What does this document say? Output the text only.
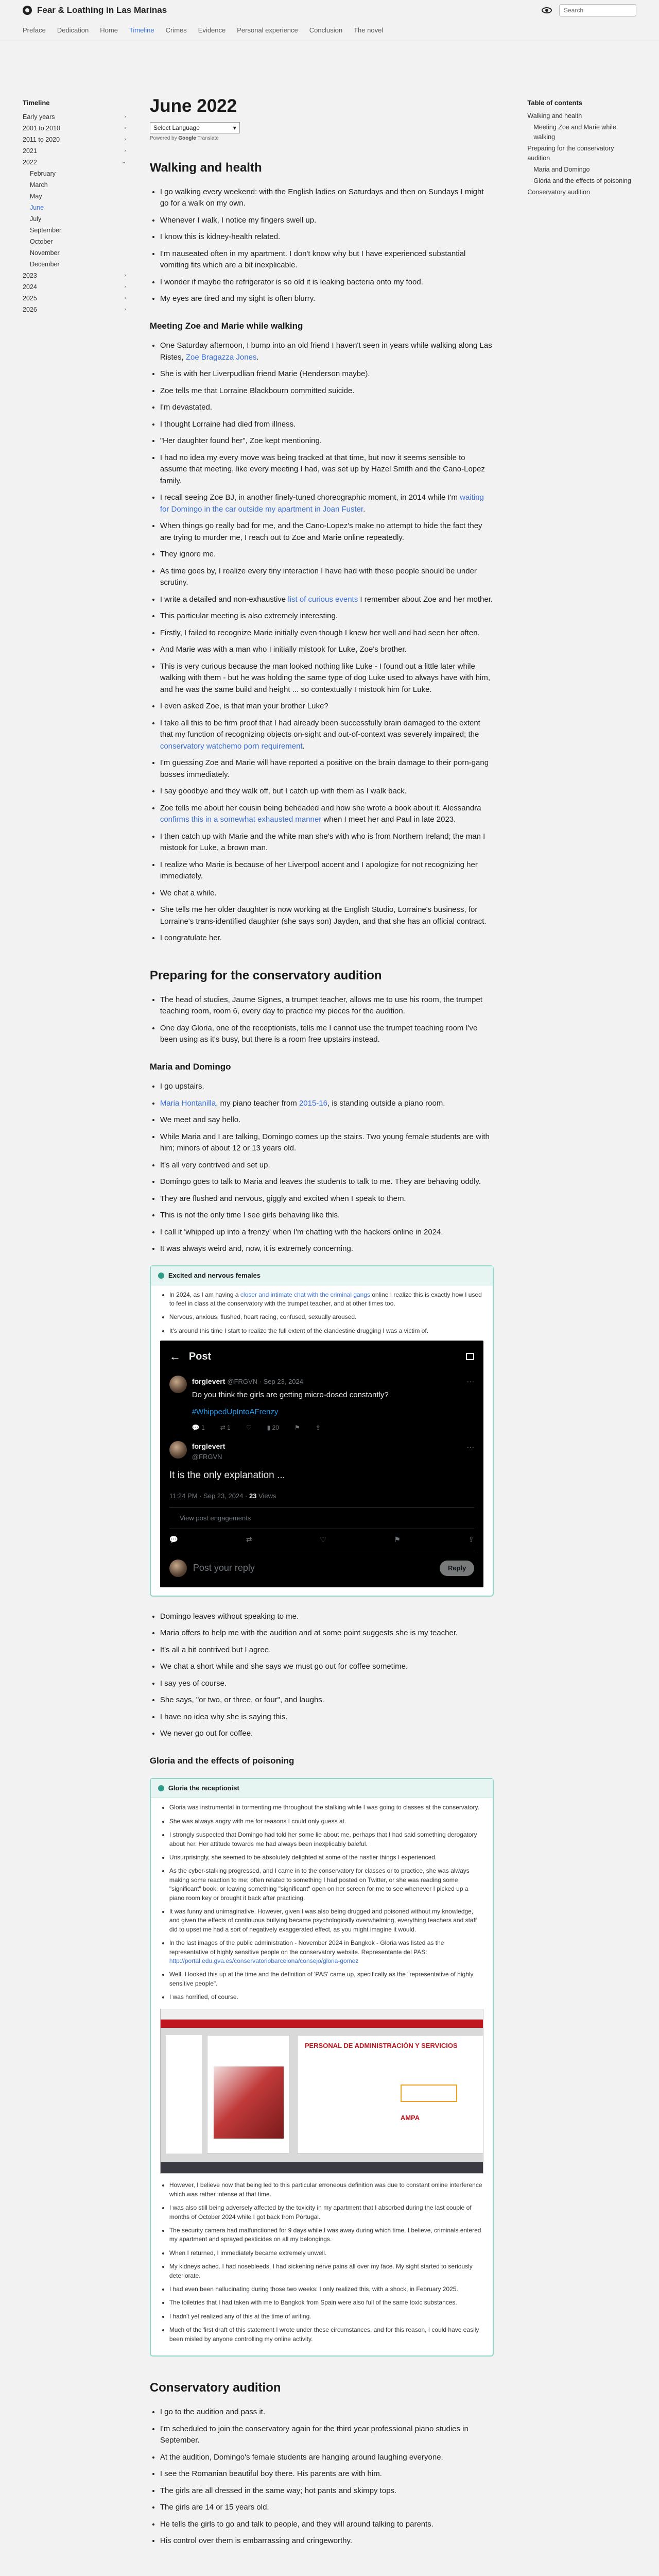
Fear & Loathing in Las Marinas
Search
Preface Dedication Home Timeline Crimes Evidence Personal experience Conclusion The novel
Timeline
Early years	›
2001 to 2010	›
2011 to 2020	›
2021	›
2022	⌄
February
March
May
June
July
September
October
November
December
2023	›
2024	›
2025	›
2026	›
June 2022
Select Language	▾
Powered by Google Translate
Walking and health
• I go walking every weekend: with the English ladies on Saturdays and then on Sundays I might go for a walk on my own.
• Whenever I walk, I notice my fingers swell up.
• I know this is kidney-health related.
• I'm nauseated often in my apartment. I don't know why but I have experienced substantial vomiting fits which are a bit inexplicable.
• I wonder if maybe the refrigerator is so old it is leaking bacteria onto my food.
• My eyes are tired and my sight is often blurry.
Meeting Zoe and Marie while walking
• One Saturday afternoon, I bump into an old friend I haven't seen in years while walking along Las Ristes, Zoe Bragazza Jones.
• She is with her Liverpudlian friend Marie (Henderson maybe).
• Zoe tells me that Lorraine Blackbourn committed suicide.
• I'm devastated.
• I thought Lorraine had died from illness.
• "Her daughter found her", Zoe kept mentioning.
• I had no idea my every move was being tracked at that time, but now it seems sensible to assume that meeting, like every meeting I had, was set up by Hazel Smith and the Cano-Lopez family.
• I recall seeing Zoe BJ, in another finely-tuned choreographic moment, in 2014 while I'm waiting for Domingo in the car outside my apartment in Joan Fuster.
• When things go really bad for me, and the Cano-Lopez's make no attempt to hide the fact they are trying to murder me, I reach out to Zoe and Marie online repeatedly.
• They ignore me.
• As time goes by, I realize every tiny interaction I have had with these people should be under scrutiny.
• I write a detailed and non-exhaustive list of curious events I remember about Zoe and her mother.
• This particular meeting is also extremely interesting.
• Firstly, I failed to recognize Marie initially even though I knew her well and had seen her often.
• And Marie was with a man who I initially mistook for Luke, Zoe's brother.
• This is very curious because the man looked nothing like Luke - I found out a little later while walking with them - but he was holding the same type of dog Luke used to always have with him, and he was the same build and height ... so contextually I mistook him for Luke.
• I even asked Zoe, is that man your brother Luke?
• I take all this to be firm proof that I had already been successfully brain damaged to the extent that my function of recognizing objects on-sight and out-of-context was severely impaired; the conservatory watchemo porn requirement.
• I'm guessing Zoe and Marie will have reported a positive on the brain damage to their porn-gang bosses immediately.
• I say goodbye and they walk off, but I catch up with them as I walk back.
• Zoe tells me about her cousin being beheaded and how she wrote a book about it. Alessandra confirms this in a somewhat exhausted manner when I meet her and Paul in late 2023.
• I then catch up with Marie and the white man she's with who is from Northern Ireland; the man I mistook for Luke, a brown man.
• I realize who Marie is because of her Liverpool accent and I apologize for not recognizing her immediately.
• We chat a while.
• She tells me her older daughter is now working at the English Studio, Lorraine's business, for Lorraine's trans-identified daughter (she says son) Jayden, and that she has an official contract.
• I congratulate her.
Preparing for the conservatory audition
• The head of studies, Jaume Signes, a trumpet teacher, allows me to use his room, the trumpet teaching room, room 6, every day to practice my pieces for the audition.
• One day Gloria, one of the receptionists, tells me I cannot use the trumpet teaching room I've been using as it's busy, but there is a room free upstairs instead.
Maria and Domingo
• I go upstairs.
• Maria Hontanilla, my piano teacher from 2015-16, is standing outside a piano room.
• We meet and say hello.
• While Maria and I are talking, Domingo comes up the stairs. Two young female students are with him; minors of about 12 or 13 years old.
• It's all very contrived and set up.
• Domingo goes to talk to Maria and leaves the students to talk to me. They are behaving oddly.
• They are flushed and nervous, giggly and excited when I speak to them.
• This is not the only time I see girls behaving like this.
• I call it 'whipped up into a frenzy' when I'm chatting with the hackers online in 2024.
• It was always weird and, now, it is extremely concerning.
Excited and nervous females
• In 2024, as I am having a closer and intimate chat with the criminal gangs online I realize this is exactly how I used to feel in class at the conservatory with the trumpet teacher, and at other times too.
• Nervous, anxious, flushed, heart racing, confused, sexually aroused.
• It's around this time I start to realize the full extent of the clandestine drugging I was a victim of.
← Post
forglevert @FRGVN · Sep 23, 2024	···
Do you think the girls are getting micro-dosed constantly?
#WhippedUpIntoAFrenzy
💬 1	⇄ 1	♡	▮ 20	⚑	⇪
forglevert
@FRGVN
···
It is the only explanation ...
11:24 PM · Sep 23, 2024 · 23 Views
View post engagements
💬	⇄	♡	⚑	⇪
Post your reply	Reply
• Domingo leaves without speaking to me.
• Maria offers to help me with the audition and at some point suggests she is my teacher.
• It's all a bit contrived but I agree.
• We chat a short while and she says we must go out for coffee sometime.
• I say yes of course.
• She says, "or two, or three, or four", and laughs.
• I have no idea why she is saying this.
• We never go out for coffee.
Gloria and the effects of poisoning
Gloria the receptionist
• Gloria was instrumental in tormenting me throughout the stalking while I was going to classes at the conservatory.
• She was always angry with me for reasons I could only guess at.
• I strongly suspected that Domingo had told her some lie about me, perhaps that I had said something derogatory about her. Her attitude towards me had always been inexplicably baleful.
• Unsurprisingly, she seemed to be absolutely delighted at some of the nastier things I experienced.
• As the cyber-stalking progressed, and I came in to the conservatory for classes or to practice, she was always making some reaction to me; often related to something I had posted on Twitter, or she was reading some "significant" book, or leaving something "significant" open on her screen for me to see whenever I picked up a piano room key or brought it back after practicing.
• It was funny and unimaginative. However, given I was also being drugged and poisoned without my knowledge, and given the effects of continuous bullying became psychologically overwhelming, everything teachers and staff did to upset me had a sort of negatively exaggerated effect, as you might imagine it would.
• In the last images of the public administration - November 2024 in Bangkok - Gloria was listed as the representative of highly sensitive people on the conservatory website. Representante del PAS: http://portal.edu.gva.es/conservatoriobarcelona/consejo/gloria-gomez
• Well, I looked this up at the time and the definition of 'PAS' came up, specifically as the "representative of highly sensitive people".
• I was horrified, of course.
PERSONAL DE ADMINISTRACIÓN Y SERVICIOS
AMPA
• However, I believe now that being led to this particular erroneous definition was due to constant online interference which was rather intense at that time.
• I was also still being adversely affected by the toxicity in my apartment that I absorbed during the last couple of months of October 2024 while I got back from Portugal.
• The security camera had malfunctioned for 9 days while I was away during which time, I believe, criminals entered my apartment and sprayed pesticides on all my belongings.
• When I returned, I immediately became extremely unwell.
• My kidneys ached. I had nosebleeds. I had sickening nerve pains all over my face. My sight started to seriously deteriorate.
• I had even been hallucinating during those two weeks: I only realized this, with a shock, in February 2025.
• The toiletries that I had taken with me to Bangkok from Spain were also full of the same toxic substances.
• I hadn't yet realized any of this at the time of writing.
• Much of the first draft of this statement I wrote under these circumstances, and for this reason, I could have easily been misled by anyone controlling my online activity.
Conservatory audition
• I go to the audition and pass it.
• I'm scheduled to join the conservatory again for the third year professional piano studies in September.
• At the audition, Domingo's female students are hanging around laughing everyone.
• I see the Romanian beautiful boy there. His parents are with him.
• The girls are all dressed in the same way; hot pants and skimpy tops.
• The girls are 14 or 15 years old.
• He tells the girls to go and talk to people, and they will around talking to parents.
• His control over them is embarrassing and cringeworthy.
Table of contents
Walking and health
Meeting Zoe and Marie while walking
Preparing for the conservatory audition
Maria and Domingo
Gloria and the effects of poisoning
Conservatory audition
